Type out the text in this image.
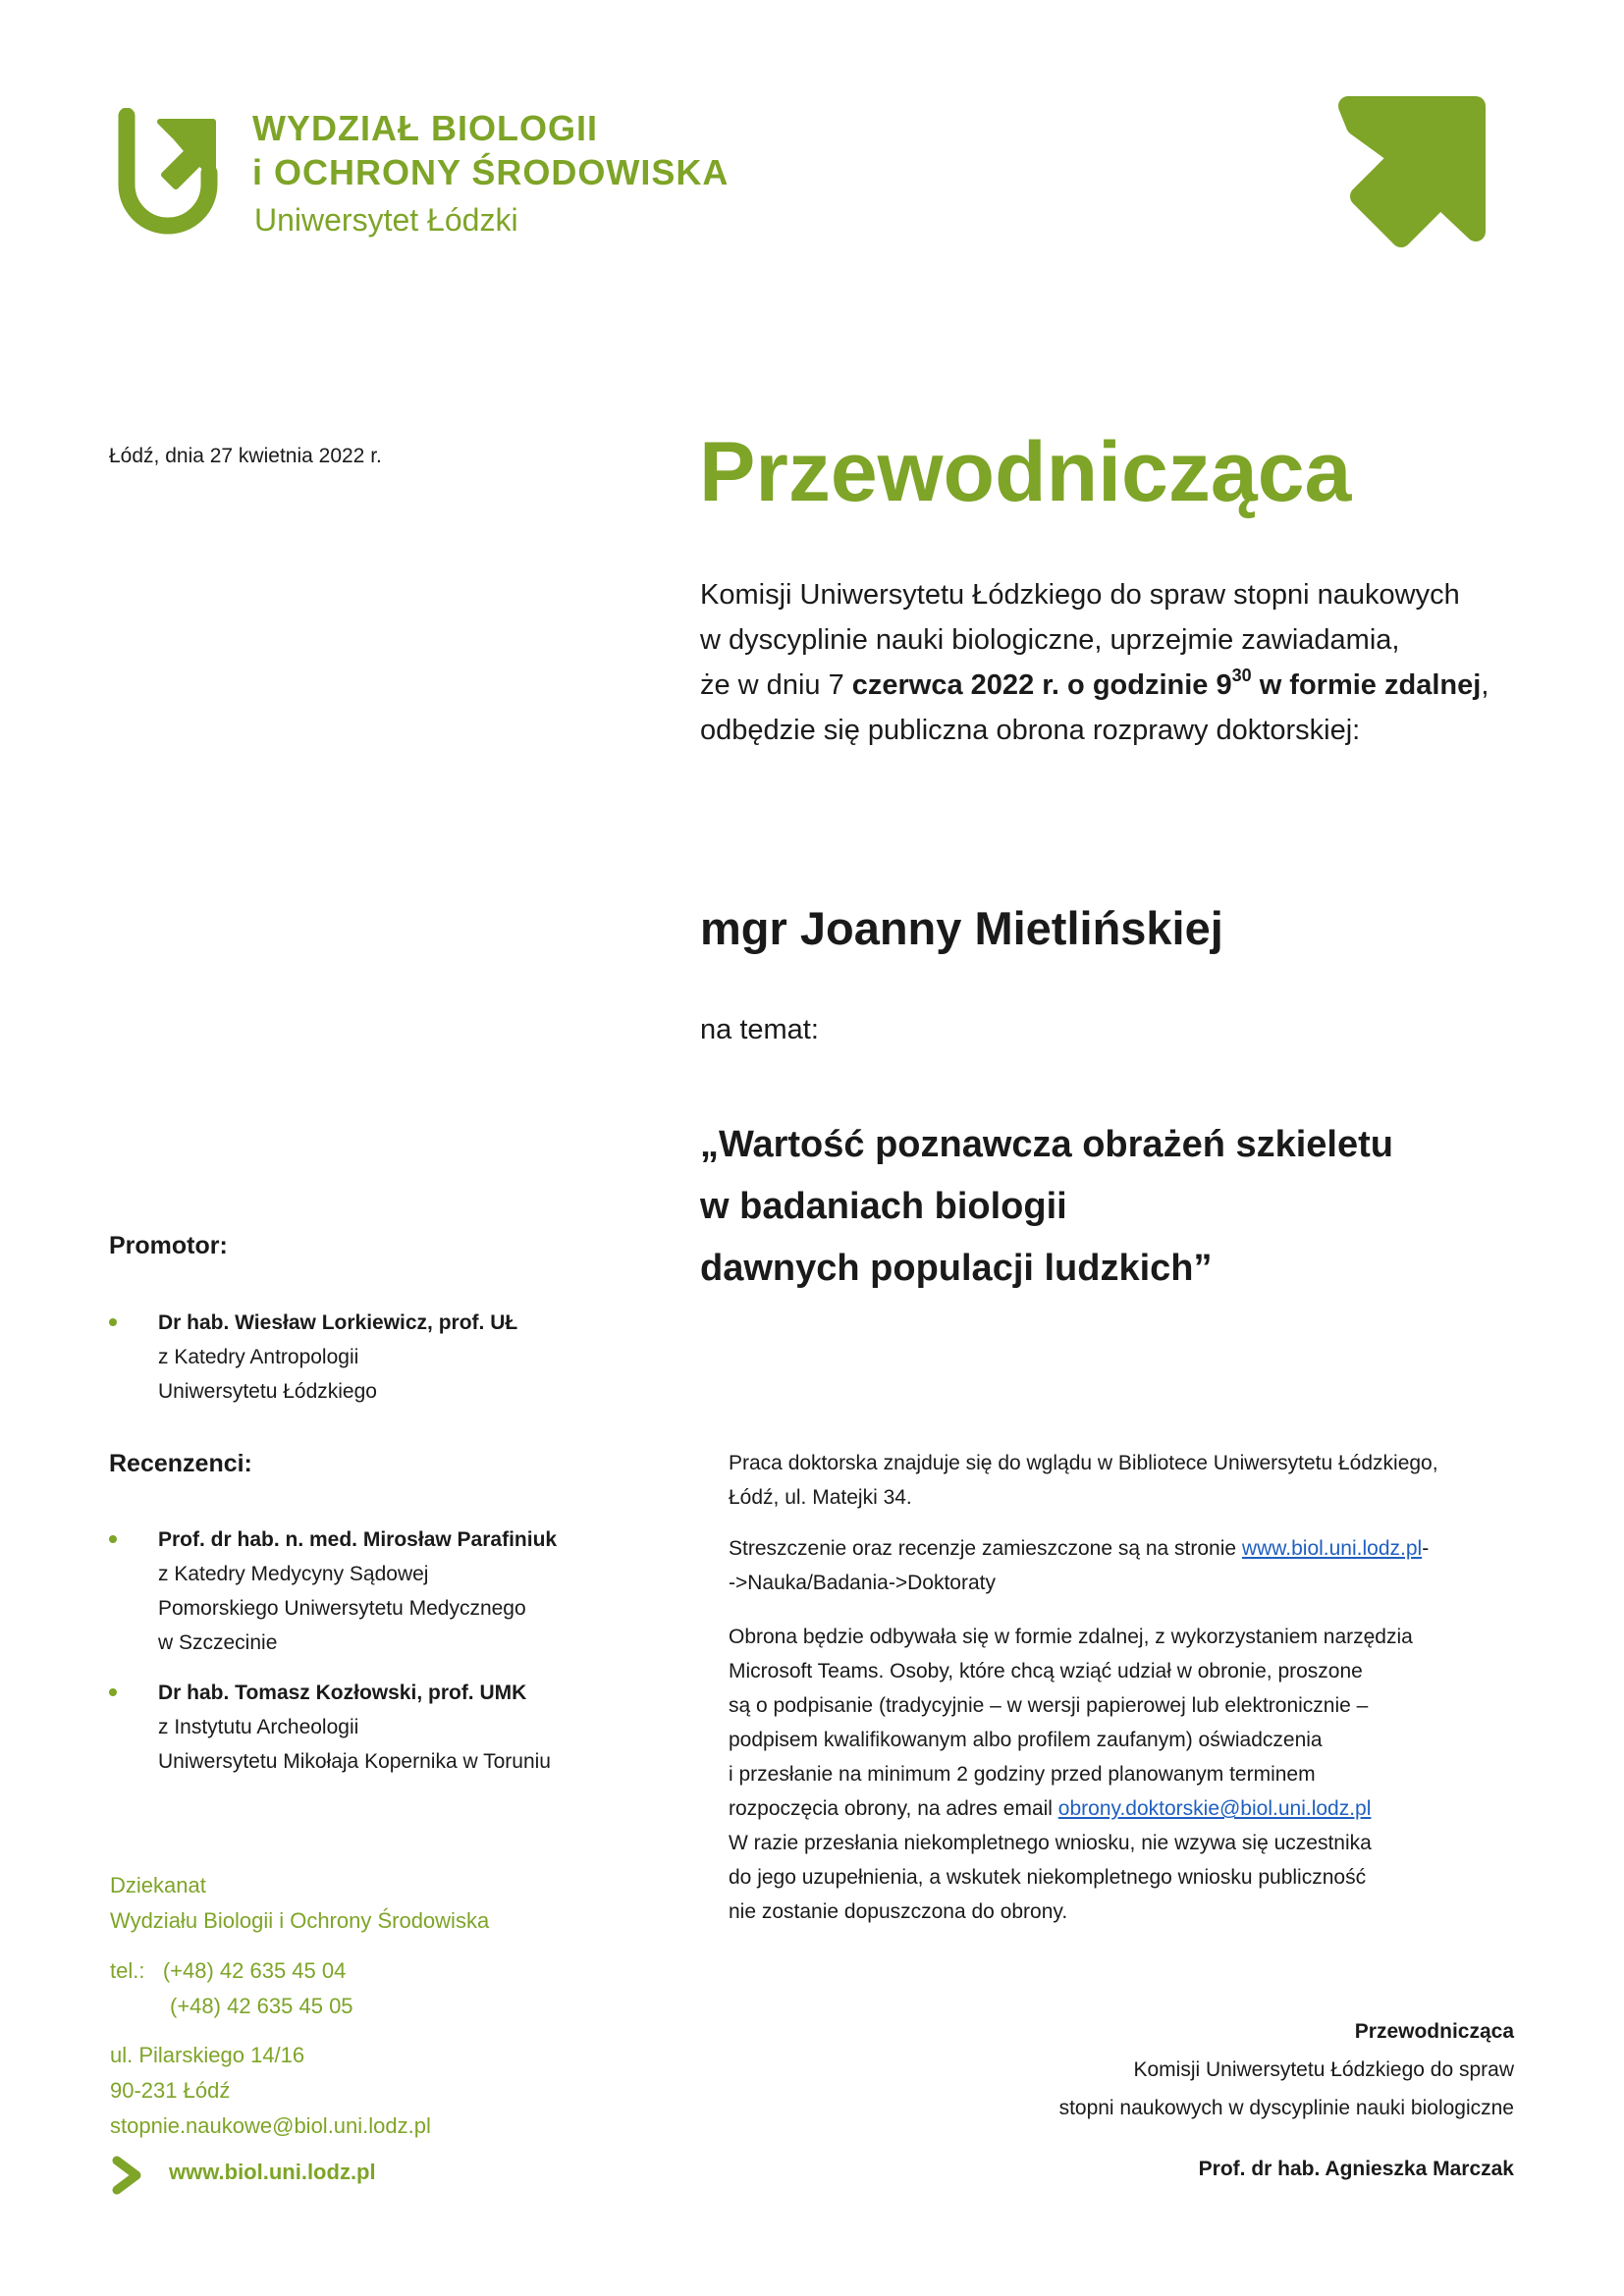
WYDZIAŁ BIOLOGII
i OCHRONY ŚRODOWISKA
Uniwersytet Łódzki
Łódź, dnia 27 kwietnia 2022 r.	Przewodnicząca
Komisji Uniwersytetu Łódzkiego do spraw stopni naukowych
w dyscyplinie nauki biologiczne, uprzejmie zawiadamia,
że w dniu 7 czerwca 2022 r. o godzinie $9^{30}$ w formie zdalnej,
odbędzie się publiczna obrona rozprawy doktorskiej:
mgr Joanny Mietlińskiej
na temat:
„Wartość poznawcza obrażeń szkieletu
w badaniach biologii
dawnych populacji ludzkich”
Promotor:
Dr hab. Wiesław Lorkiewicz, prof. UŁ
z Katedry Antropologii
Uniwersytetu Łódzkiego
Recenzenci:
Prof. dr hab. n. med. Mirosław Parafiniuk
z Katedry Medycyny Sądowej
Pomorskiego Uniwersytetu Medycznego
w Szczecinie
Dr hab. Tomasz Kozłowski, prof. UMK
z Instytutu Archeologii
Uniwersytetu Mikołaja Kopernika w Toruniu
Praca doktorska znajduje się do wglądu w Bibliotece Uniwersytetu Łódzkiego,
Łódź, ul. Matejki 34.
Streszczenie oraz recenzje zamieszczone są na stronie www.biol.uni.lodz.pl-
->Nauka/Badania->Doktoraty
Obrona będzie odbywała się w formie zdalnej, z wykorzystaniem narzędzia
Microsoft Teams. Osoby, które chcą wziąć udział w obronie, proszone
są o podpisanie (tradycyjnie – w wersji papierowej lub elektronicznie –
podpisem kwalifikowanym albo profilem zaufanym) oświadczenia
i przesłanie na minimum 2 godziny przed planowanym terminem
rozpoczęcia obrony, na adres email obrony.doktorskie@biol.uni.lodz.pl
W razie przesłania niekompletnego wniosku, nie wzywa się uczestnika
do jego uzupełnienia, a wskutek niekompletnego wniosku publiczność
nie zostanie dopuszczona do obrony.
Dziekanat
Wydziału Biologii i Ochrony Środowiska
tel.: (+48) 42 635 45 04
(+48) 42 635 45 05
ul. Pilarskiego 14/16
90-231 Łódź
stopnie.naukowe@biol.uni.lodz.pl
www.biol.uni.lodz.pl
Przewodnicząca
Komisji Uniwersytetu Łódzkiego do spraw
stopni naukowych w dyscyplinie nauki biologiczne
Prof. dr hab. Agnieszka Marczak
